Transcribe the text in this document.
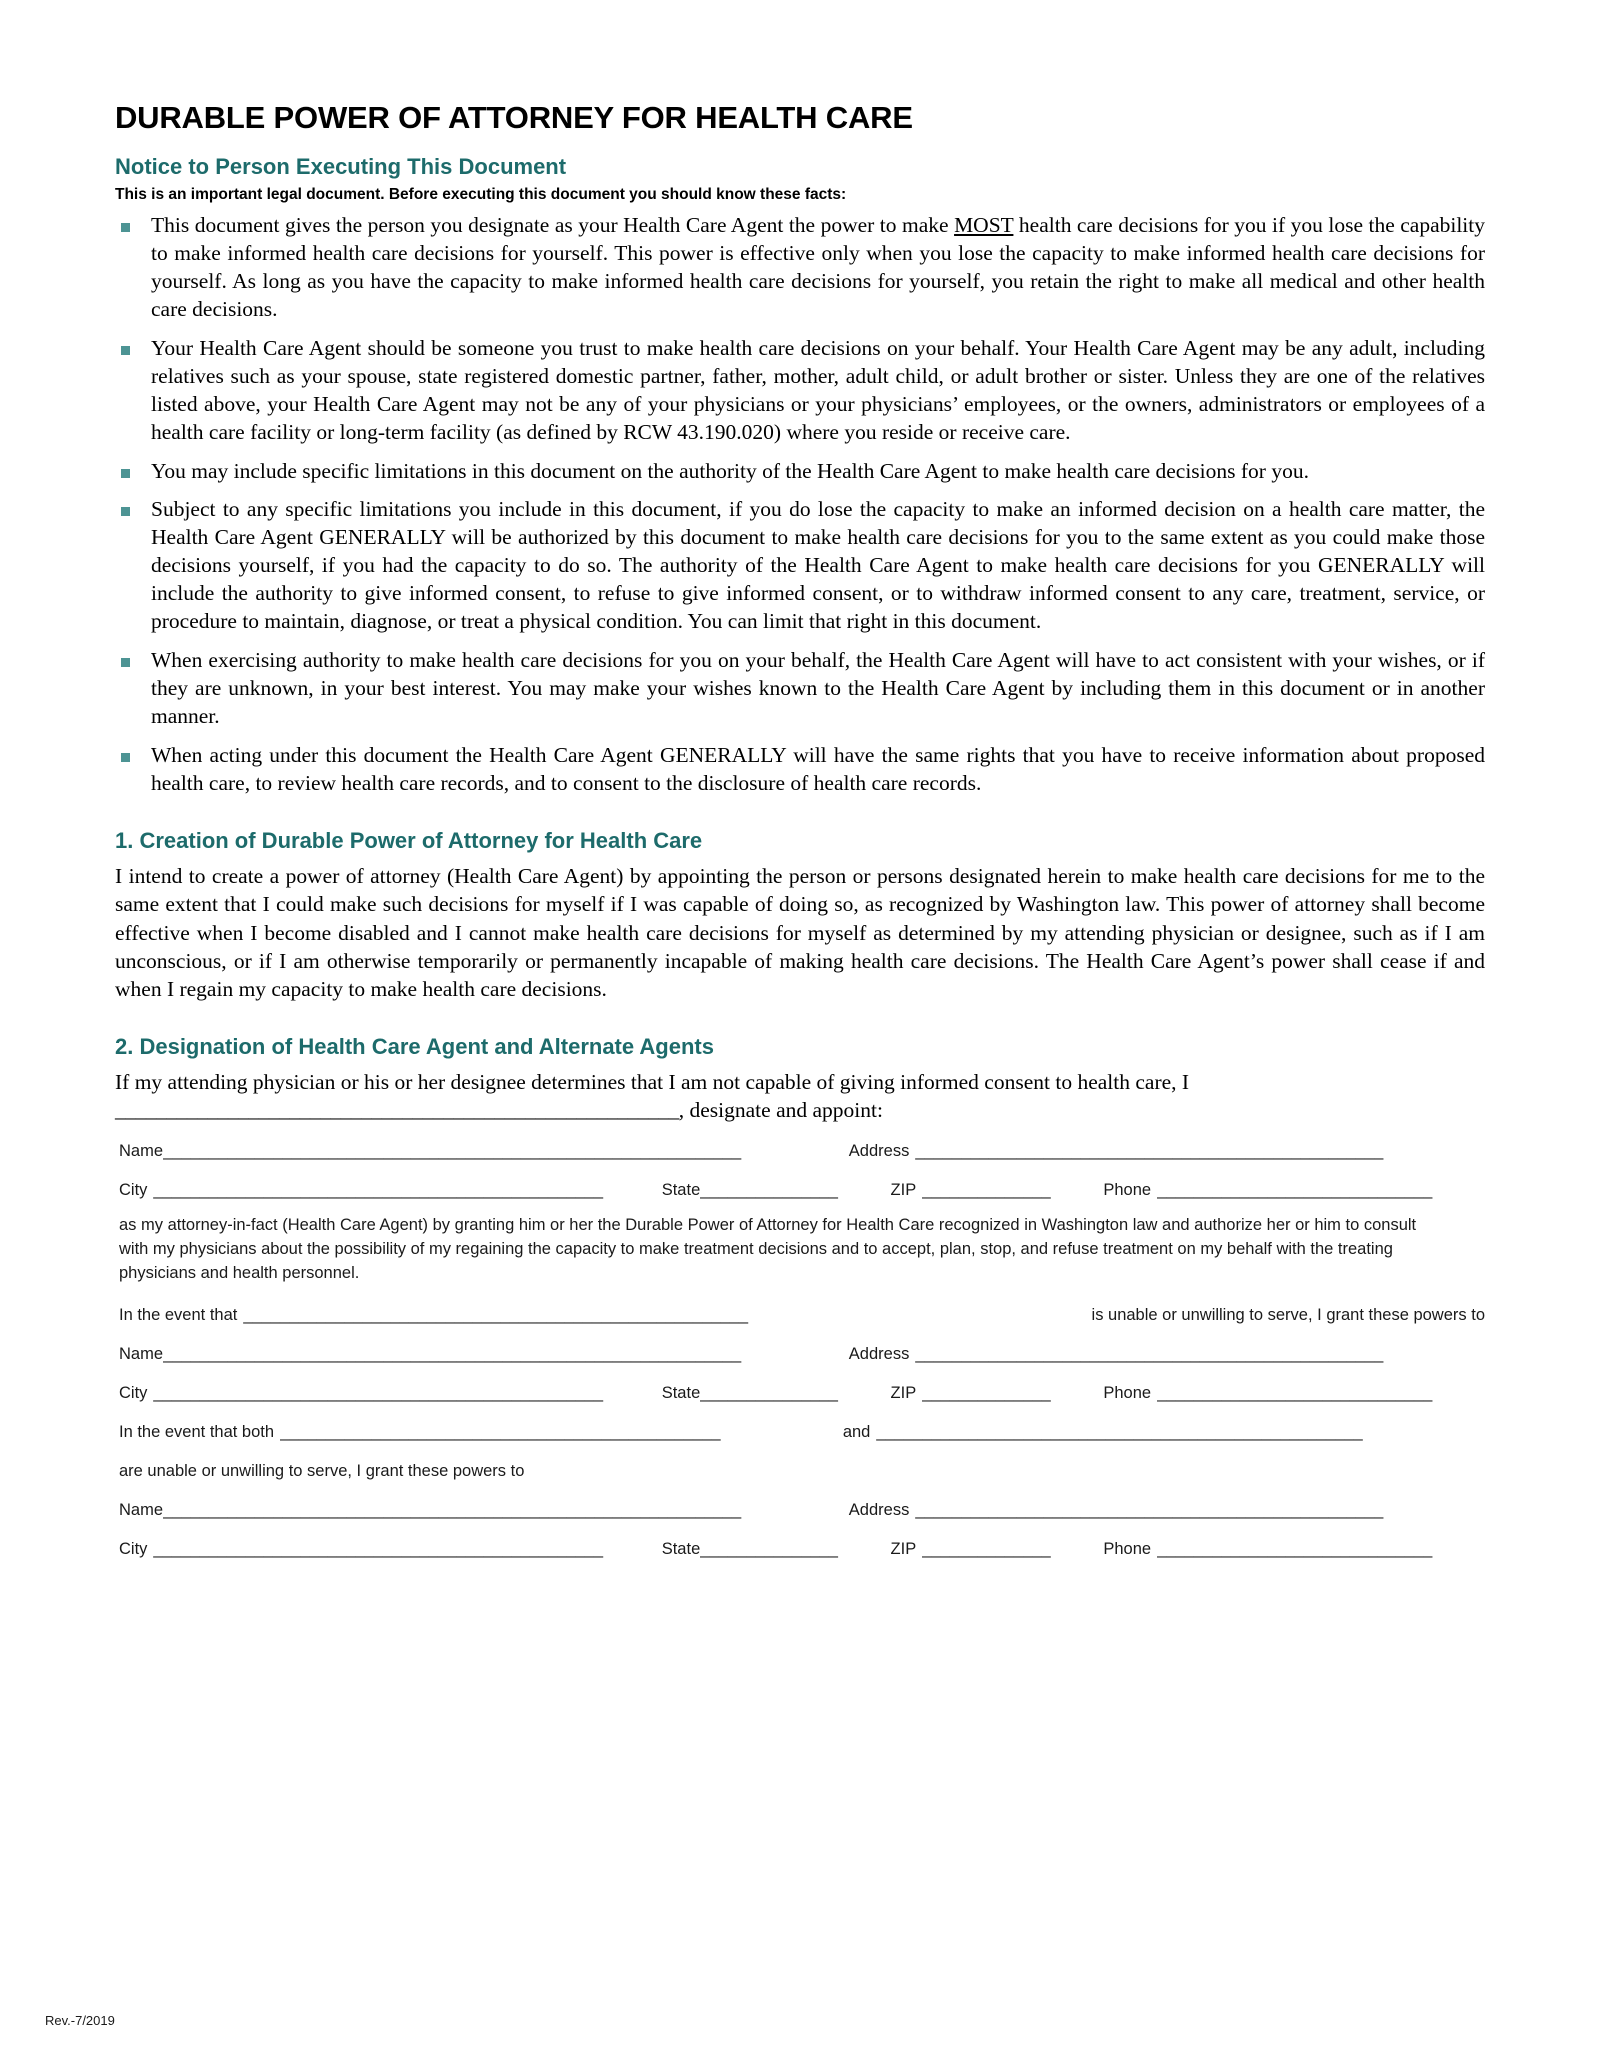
DURABLE POWER OF ATTORNEY FOR HEALTH CARE
Notice to Person Executing This Document

This is an important legal document. Before executing this document you should know these facts:

This document gives the person you designate as your Health Care Agent the power to make MOST health care decisions for you if you lose the capability to make informed health care decisions for yourself. This power is effective only when you lose the capacity to make informed health care decisions for yourself. As long as you have the capacity to make informed health care decisions for yourself, you retain the right to make all medical and other health care decisions.
Your Health Care Agent should be someone you trust to make health care decisions on your behalf. Your Health Care Agent may be any adult, including relatives such as your spouse, state registered domestic partner, father, mother, adult child, or adult brother or sister. Unless they are one of the relatives listed above, your Health Care Agent may not be any of your physicians or your physicians’ employees, or the owners, administrators or employees of a health care facility or long-term facility (as defined by RCW 43.190.020) where you reside or receive care.
You may include specific limitations in this document on the authority of the Health Care Agent to make health care decisions for you.
Subject to any specific limitations you include in this document, if you do lose the capacity to make an informed decision on a health care matter, the Health Care Agent GENERALLY will be authorized by this document to make health care decisions for you to the same extent as you could make those decisions yourself, if you had the capacity to do so. The authority of the Health Care Agent to make health care decisions for you GENERALLY will include the authority to give informed consent, to refuse to give informed consent, or to withdraw informed consent to any care, treatment, service, or procedure to maintain, diagnose, or treat a physical condition. You can limit that right in this document.
When exercising authority to make health care decisions for you on your behalf, the Health Care Agent will have to act consistent with your wishes, or if they are unknown, in your best interest. You may make your wishes known to the Health Care Agent by including them in this document or in another manner.
When acting under this document the Health Care Agent GENERALLY will have the same rights that you have to receive information about proposed health care, to review health care records, and to consent to the disclosure of health care records.
1. Creation of Durable Power of Attorney for Health Care

I intend to create a power of attorney (Health Care Agent) by appointing the person or persons designated herein to make health care decisions for me to the same extent that I could make such decisions for myself if I was capable of doing so, as recognized by Washington law. This power of attorney shall become effective when I become disabled and I cannot make health care decisions for myself as determined by my attending physician or designee, such as if I am unconscious, or if I am otherwise temporarily or permanently incapable of making health care decisions. The Health Care Agent’s power shall cease if and when I regain my capacity to make health care decisions.

2. Designation of Health Care Agent and Alternate Agents

If my attending physician or his or her designee determines that I am not capable of giving informed consent to health care, I _______________________________________________________, designate and appoint:

Name _______________________________________________________________	Address ___________________________________________________
City _________________________________________________	State _______________	ZIP ______________	Phone ______________________________
as my attorney-in-fact (Health Care Agent) by granting him or her the Durable Power of Attorney for Health Care recognized in Washington law and authorize her or him to consult with my physicians about the possibility of my regaining the capacity to make treatment decisions and to accept, plan, stop, and refuse treatment on my behalf with the treating physicians and health personnel.
In the event that _______________________________________________________	is unable or unwilling to serve, I grant these powers to
Name _______________________________________________________________	Address ___________________________________________________
City _________________________________________________	State _______________	ZIP ______________	Phone ______________________________
In the event that both ________________________________________________	and _____________________________________________________
are unable or unwilling to serve, I grant these powers to
Name _______________________________________________________________	Address ___________________________________________________
City _________________________________________________	State _______________	ZIP ______________	Phone ______________________________
Rev.-7/2019
